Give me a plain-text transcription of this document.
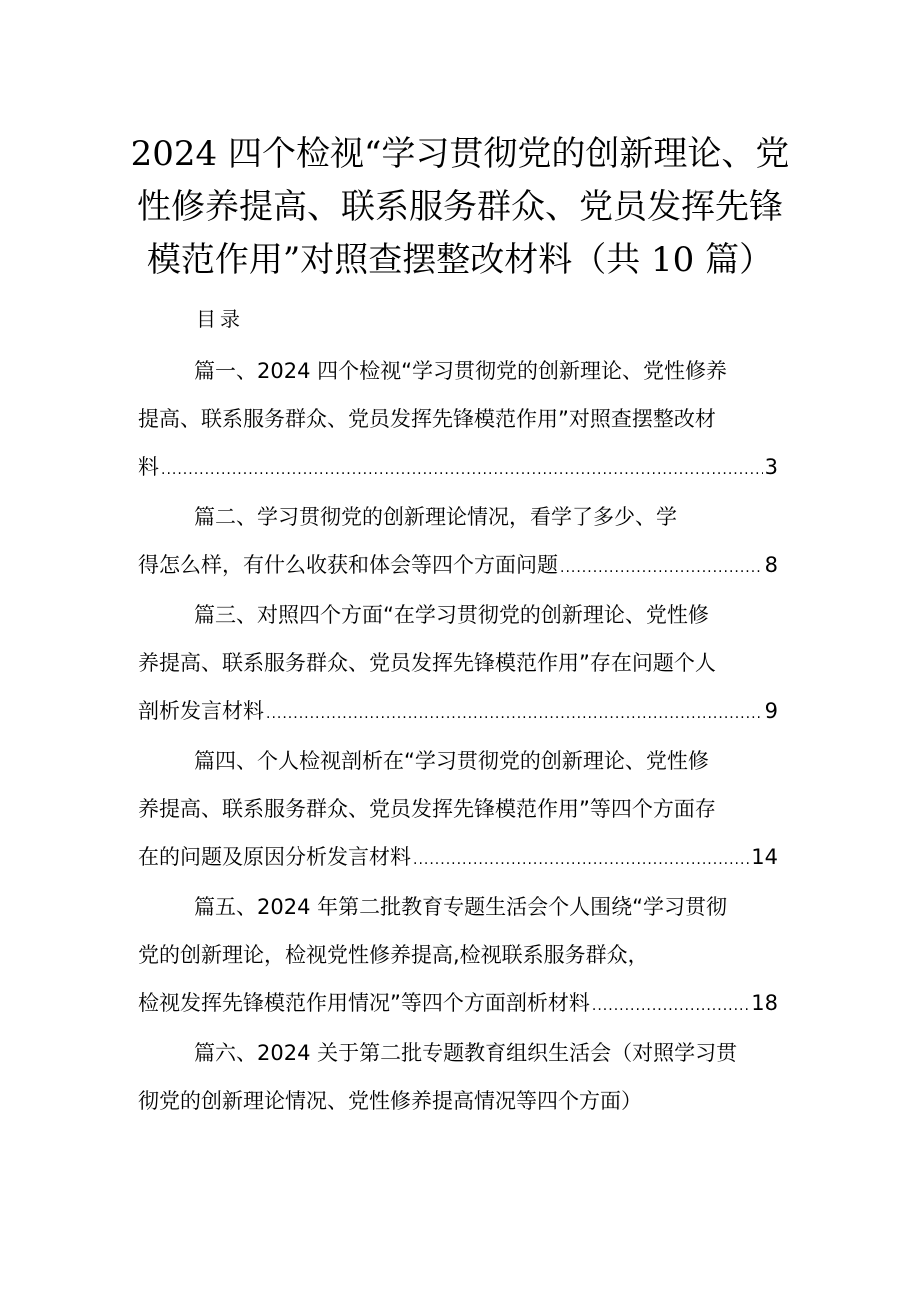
2024 四个检视“学习贯彻党的创新理论、党
性修养提高、联系服务群众、党员发挥先锋
模范作用”对照查摆整改材料（共 10 篇）
目录
篇一、2024 四个检视“学习贯彻党的创新理论、党性修养
提高、联系服务群众、党员发挥先锋模范作用”对照查摆整改材
料 .....	3
篇二、学习贯彻党的创新理论情况，看学了多少、学
得怎么样，有什么收获和体会等四个方面问题 .....	8
篇三、对照四个方面“在学习贯彻党的创新理论、党性修
养提高、联系服务群众、党员发挥先锋模范作用”存在问题个人
剖析发言材料 .....	9
篇四、个人检视剖析在“学习贯彻党的创新理论、党性修
养提高、联系服务群众、党员发挥先锋模范作用”等四个方面存
在的问题及原因分析发言材料 .....	14
篇五、2024 年第二批教育专题生活会个人围绕“学习贯彻
党的创新理论，检视党性修养提高,检视联系服务群众，
检视发挥先锋模范作用情况”等四个方面剖析材料 .....	18
篇六、2024 关于第二批专题教育组织生活会（对照学习贯
彻党的创新理论情况、党性修养提高情况等四个方面）
